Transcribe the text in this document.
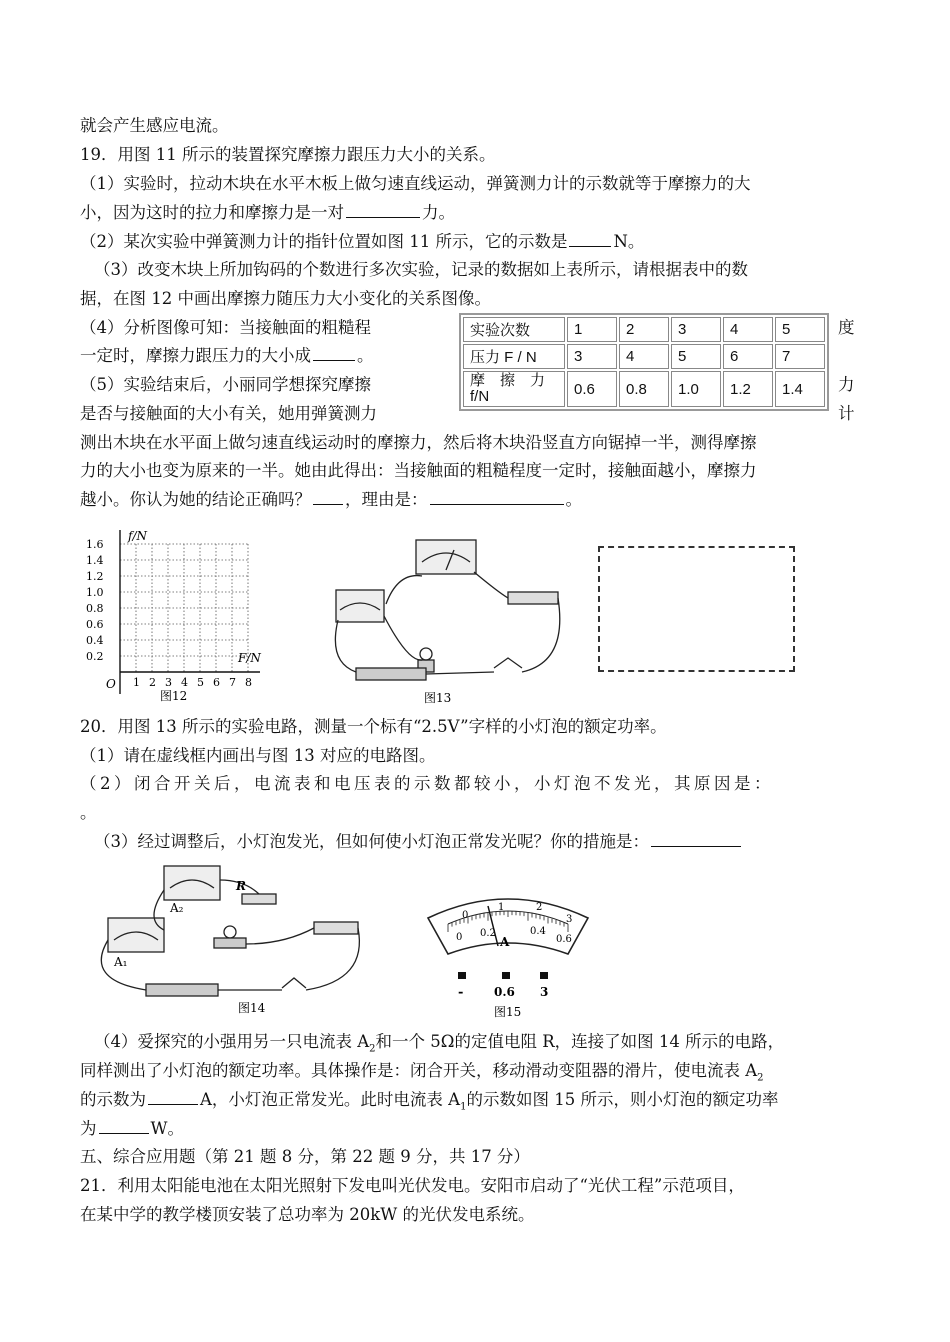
就会产生感应电流。
19．用图 11 所示的装置探究摩擦力跟压力大小的关系。
（1）实验时，拉动木块在水平木板上做匀速直线运动，弹簧测力计的示数就等于摩擦力的大
小，因为这时的拉力和摩擦力是一对	力。
（2）某次实验中弹簧测力计的指针位置如图 11 所示，它的示数是	N。
（3）改变木块上所加钩码的个数进行多次实验，记录的数据如上表所示，请根据表中的数
据，在图 12 中画出摩擦力随压力大小变化的关系图像。
（4）分析图像可知：当接触面的粗糙程	度
一定时，摩擦力跟压力的大小成	。
（5）实验结束后，小丽同学想探究摩擦	力
是否与接触面的大小有关，她用弹簧测力	计
测出木块在水平面上做匀速直线运动时的摩擦力，然后将木块沿竖直方向锯掉一半，测得摩擦
力的大小也变为原来的一半。她由此得出：当接触面的粗糙程度一定时，接触面越小，摩擦力
越小。你认为她的结论正确吗？ ，理由是：	。
实验次数	1	2	3	4	5
压力 F / N	3	4	5	6	7
摩　擦　力
f/N	0.6	0.8	1.0	1.2	1.4
f/N
F/N
O
1.6
1.4
1.2
1.0
0.8
0.6
0.4
0.2
1 2 3 4 5 6 7 8
图12	图13
20．用图 13 所示的实验电路，测量一个标有“2.5V”字样的小灯泡的额定功率。
（1）请在虚线框内画出与图 13 对应的电路图。
（2）闭合开关后，电流表和电压表的示数都较小，小灯泡不发光，其原因是：
。
（3）经过调整后，小灯泡发光，但如何使小灯泡正常发光呢？你的措施是：
R
A₂
A₁
图14
0
1	2
3
0 0.2	0.4
0.6
A
-	0.6 3
图15
（4）爱探究的小强用另一只电流表 $A_2$和一个 5Ω的定值电阻 R，连接了如图 14 所示的电路，
同样测出了小灯泡的额定功率。具体操作是：闭合开关，移动滑动变阻器的滑片，使电流表 $A_2$
的示数为	A，小灯泡正常发光。此时电流表 $A_1$的示数如图 15 所示，则小灯泡的额定功率
为	W。
五、综合应用题（第 21 题 8 分，第 22 题 9 分，共 17 分）
21．利用太阳能电池在太阳光照射下发电叫光伏发电。安阳市启动了“光伏工程”示范项目，
在某中学的教学楼顶安装了总功率为 20kW 的光伏发电系统。
